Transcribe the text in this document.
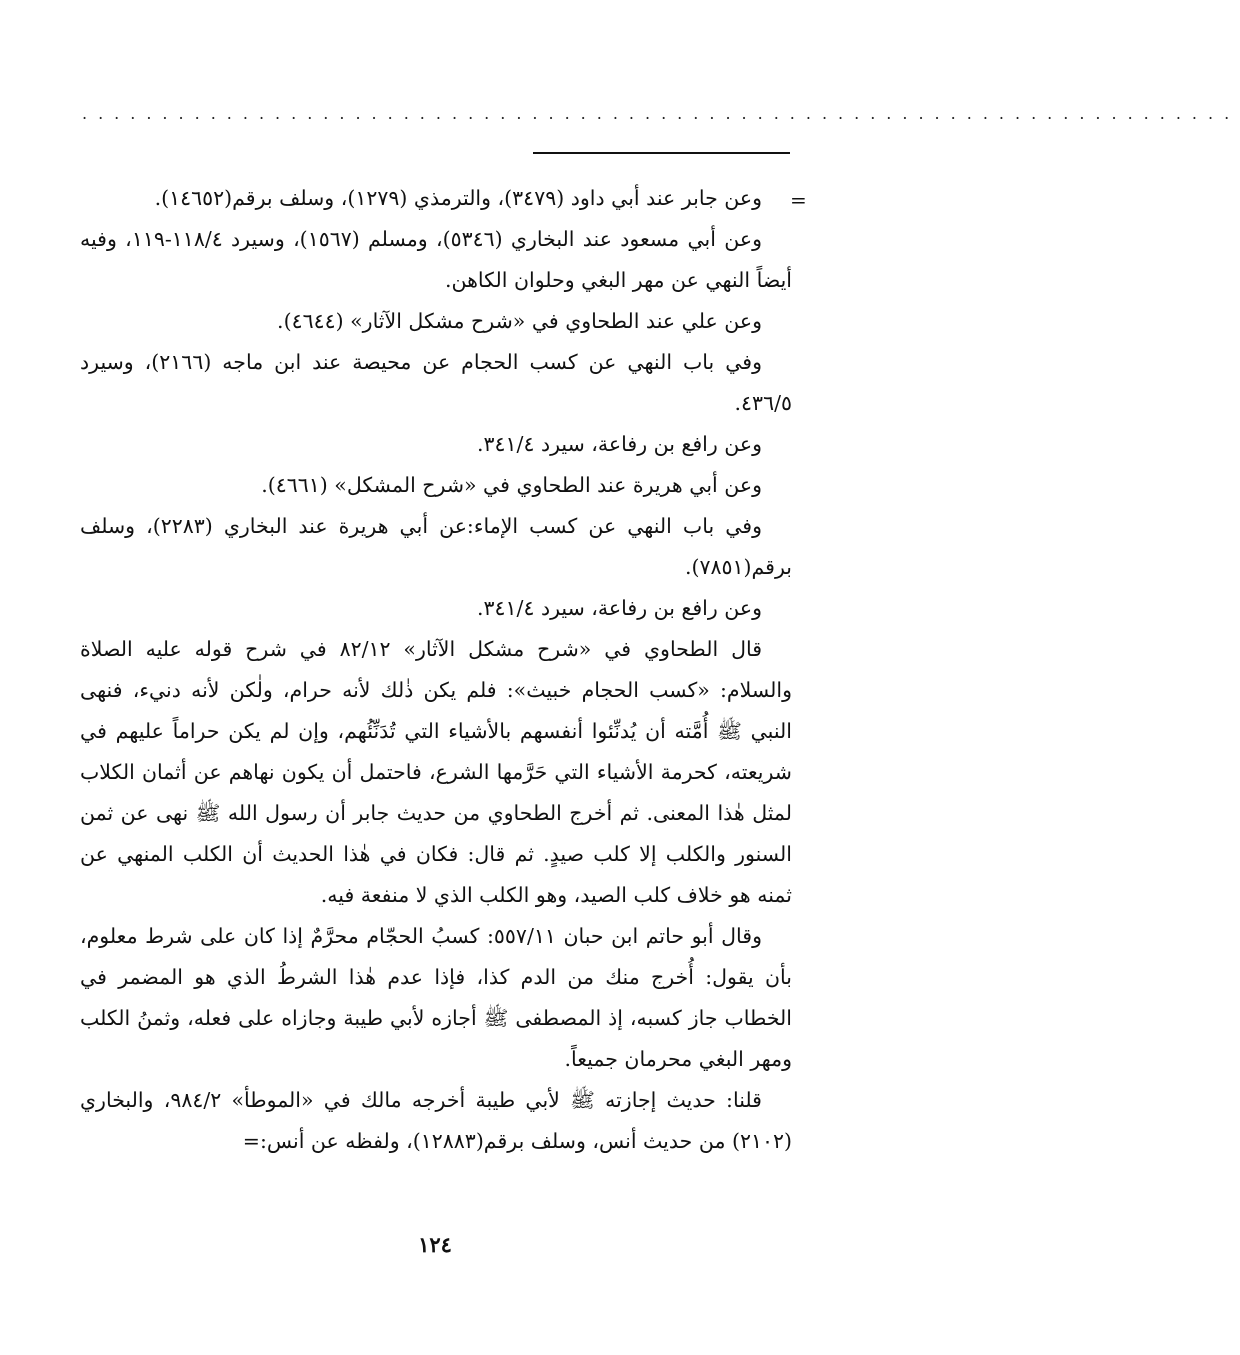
........................................................................
=

وعن جابر عند أبي داود (٣٤٧٩)، والترمذي (١٢٧٩)، وسلف برقم(١٤٦٥٢).

وعن أبي مسعود عند البخاري (٥٣٤٦)، ومسلم (١٥٦٧)، وسيرد ١١٨/٤-١١٩، وفيه أيضاً النهي عن مهر البغي وحلوان الكاهن.

وعن علي عند الطحاوي في «شرح مشكل الآثار» (٤٦٤٤).

وفي باب النهي عن كسب الحجام عن محيصة عند ابن ماجه (٢١٦٦)، وسيرد ٤٣٦/٥.

وعن رافع بن رفاعة، سيرد ٣٤١/٤.

وعن أبي هريرة عند الطحاوي في «شرح المشكل» (٤٦٦١).

وفي باب النهي عن كسب الإماء:عن أبي هريرة عند البخاري (٢٢٨٣)، وسلف برقم(٧٨٥١).

وعن رافع بن رفاعة، سيرد ٣٤١/٤.

قال الطحاوي في «شرح مشكل الآثار» ٨٢/١٢ في شرح قوله عليه الصلاة والسلام: «كسب الحجام خبيث»: فلم يكن ذٰلك لأنه حرام، ولٰكن لأنه دنيء، فنهى النبي ﷺ أُمَّته أن يُدنِّئوا أنفسهم بالأشياء التي تُدَنِّئُهم، وإن لم يكن حراماً عليهم في شريعته، كحرمة الأشياء التي حَرَّمها الشرع، فاحتمل أن يكون نهاهم عن أثمان الكلاب لمثل هٰذا المعنى. ثم أخرج الطحاوي من حديث جابر أن رسول الله ﷺ نهى عن ثمن السنور والكلب إلا كلب صيدٍ. ثم قال: فكان في هٰذا الحديث أن الكلب المنهي عن ثمنه هو خلاف كلب الصيد، وهو الكلب الذي لا منفعة فيه.

وقال أبو حاتم ابن حبان ٥٥٧/١١: كسبُ الحجّام محرَّمٌ إذا كان على شرط معلوم، بأن يقول: أُخرج منك من الدم كذا، فإذا عدم هٰذا الشرطُ الذي هو المضمر في الخطاب جاز كسبه، إذ المصطفى ﷺ أجازه لأبي طيبة وجازاه على فعله، وثمنُ الكلب ومهر البغي محرمان جميعاً.

قلنا: حديث إجازته ﷺ لأبي طيبة أخرجه مالك في «الموطأ» ٩٨٤/٢، والبخاري (٢١٠٢) من حديث أنس، وسلف برقم(١٢٨٨٣)، ولفظه عن أنس:=

١٢٤
